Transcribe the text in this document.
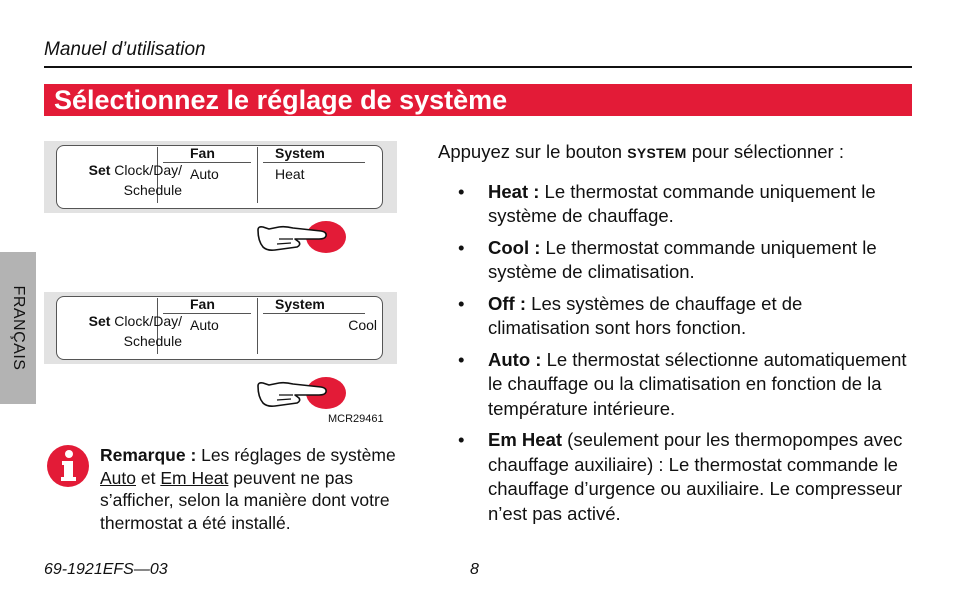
Manuel d’utilisation
Sélectionnez le réglage de système
FRANÇAIS
Set Clock/Day/
Schedule
Fan
Auto
System
Heat
Set Clock/Day/
Schedule
Fan
Auto
System
Cool
MCR29461
Remarque : Les réglages de système Auto et Em Heat peuvent ne pas s’afficher, selon la manière dont votre thermostat a été installé.

Appuyez sur le bouton SYSTEM pour sélectionner :

• Heat : Le thermostat commande uniquement le système de chauffage.
• Cool : Le thermostat commande uniquement le système de climatisation.
• Off : Les systèmes de chauffage et de climatisation sont hors fonction.
• Auto : Le thermostat sélectionne automatiquement le chauffage ou la climatisation en fonction de la température intérieure.
• Em Heat (seulement pour les thermopompes avec chauffage auxiliaire) : Le thermostat commande le chauffage d’urgence ou auxiliaire. Le compresseur n’est pas activé.
69-1921EFS—03	8
